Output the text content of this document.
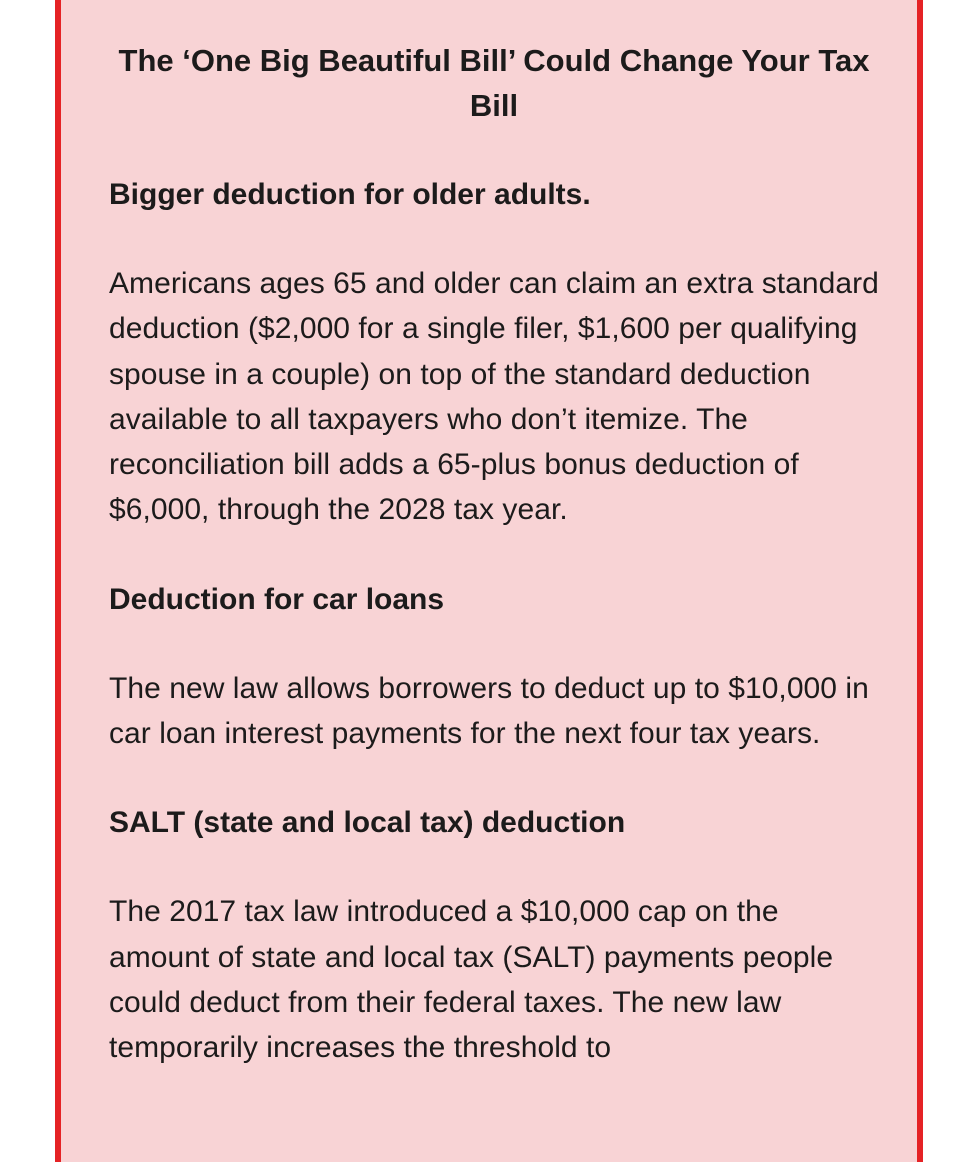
The ‘One Big Beautiful Bill’ Could Change Your Tax Bill
Bigger deduction for older adults.

Americans ages 65 and older can claim an extra standard deduction ($2,000 for a single filer, $1,600 per qualifying spouse in a couple) on top of the standard deduction available to all taxpayers who don’t itemize. The reconciliation bill adds a 65-plus bonus deduction of $6,000, through the 2028 tax year.

Deduction for car loans

The new law allows borrowers to deduct up to $10,000 in car loan interest payments for the next four tax years.

SALT (state and local tax) deduction

The 2017 tax law introduced a $10,000 cap on the amount of state and local tax (SALT) payments people could deduct from their federal taxes. The new law temporarily increases the threshold to
